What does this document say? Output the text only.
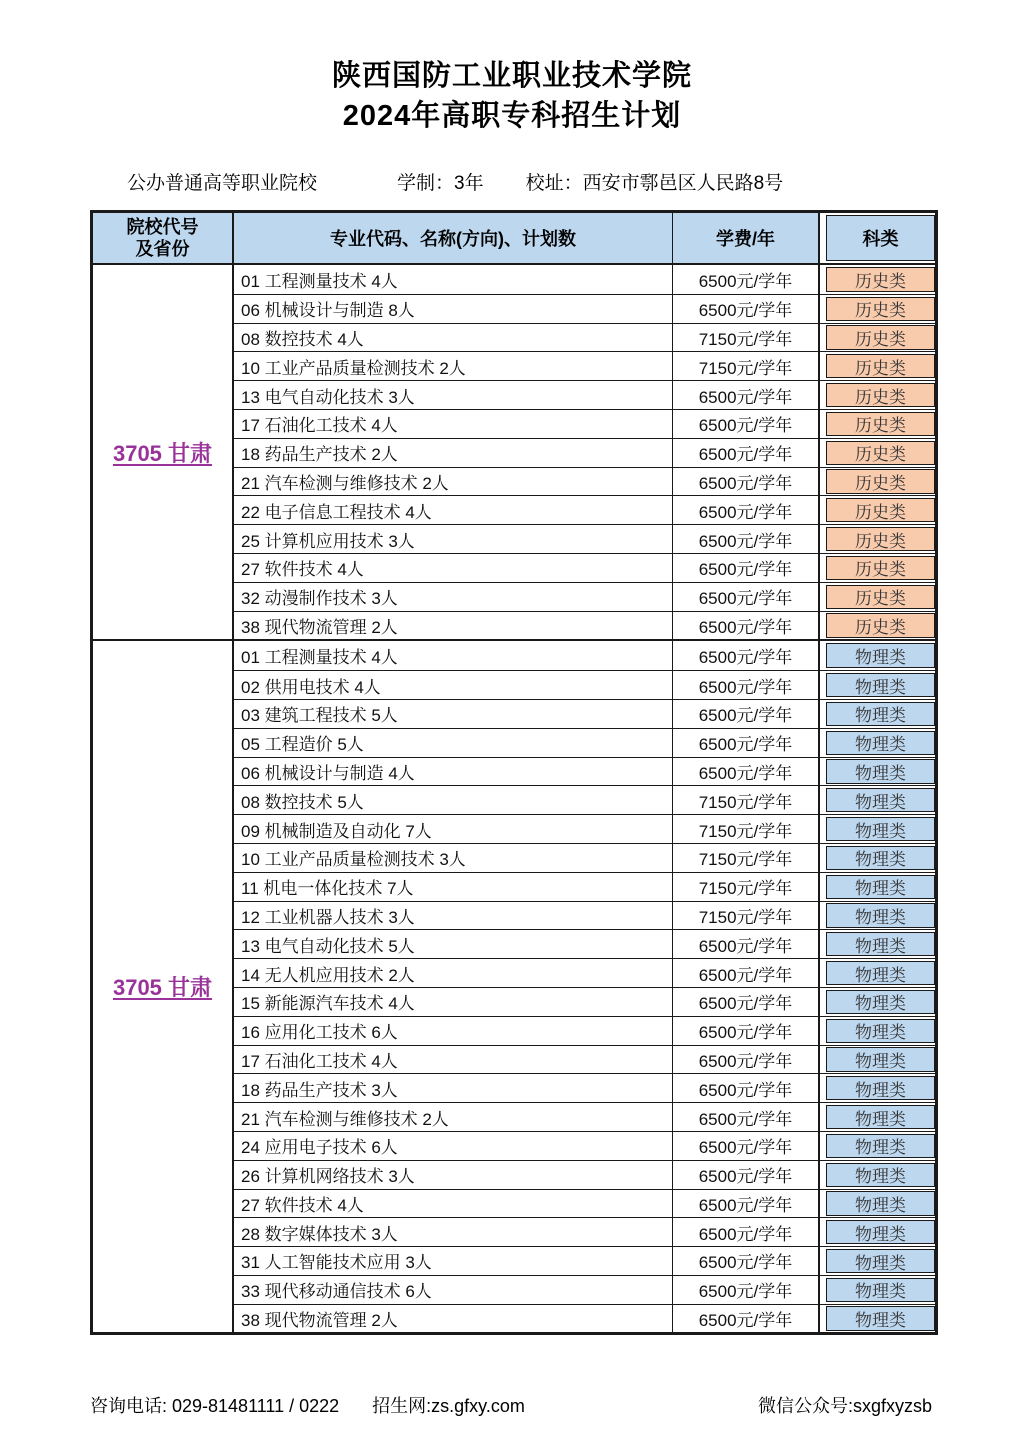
陕西国防工业职业技术学院
2024年高职专科招生计划
公办普通高等职业院校	学制：3年 校址：西安市鄠邑区人民路8号
院校代号
及省份	专业代码、名称(方向)、计划数	学费/年	科类
3705 甘肃
01 工程测量技术 4人	6500元/学年	历史类
06 机械设计与制造 8人	6500元/学年	历史类
08 数控技术 4人	7150元/学年	历史类
10 工业产品质量检测技术 2人	7150元/学年	历史类
13 电气自动化技术 3人	6500元/学年	历史类
17 石油化工技术 4人	6500元/学年	历史类
18 药品生产技术 2人	6500元/学年	历史类
21 汽车检测与维修技术 2人	6500元/学年	历史类
22 电子信息工程技术 4人	6500元/学年	历史类
25 计算机应用技术 3人	6500元/学年	历史类
27 软件技术 4人	6500元/学年	历史类
32 动漫制作技术 3人	6500元/学年	历史类
38 现代物流管理 2人	6500元/学年	历史类
3705 甘肃
01 工程测量技术 4人	6500元/学年	物理类
02 供用电技术 4人	6500元/学年	物理类
03 建筑工程技术 5人	6500元/学年	物理类
05 工程造价 5人	6500元/学年	物理类
06 机械设计与制造 4人	6500元/学年	物理类
08 数控技术 5人	7150元/学年	物理类
09 机械制造及自动化 7人	7150元/学年	物理类
10 工业产品质量检测技术 3人	7150元/学年	物理类
11 机电一体化技术 7人	7150元/学年	物理类
12 工业机器人技术 3人	7150元/学年	物理类
13 电气自动化技术 5人	6500元/学年	物理类
14 无人机应用技术 2人	6500元/学年	物理类
15 新能源汽车技术 4人	6500元/学年	物理类
16 应用化工技术 6人	6500元/学年	物理类
17 石油化工技术 4人	6500元/学年	物理类
18 药品生产技术 3人	6500元/学年	物理类
21 汽车检测与维修技术 2人	6500元/学年	物理类
24 应用电子技术 6人	6500元/学年	物理类
26 计算机网络技术 3人	6500元/学年	物理类
27 软件技术 4人	6500元/学年	物理类
28 数字媒体技术 3人	6500元/学年	物理类
31 人工智能技术应用 3人	6500元/学年	物理类
33 现代移动通信技术 6人	6500元/学年	物理类
38 现代物流管理 2人	6500元/学年	物理类
咨询电话: 029-81481111 / 0222 招生网:zs.gfxy.com	微信公众号:sxgfxyzsb
